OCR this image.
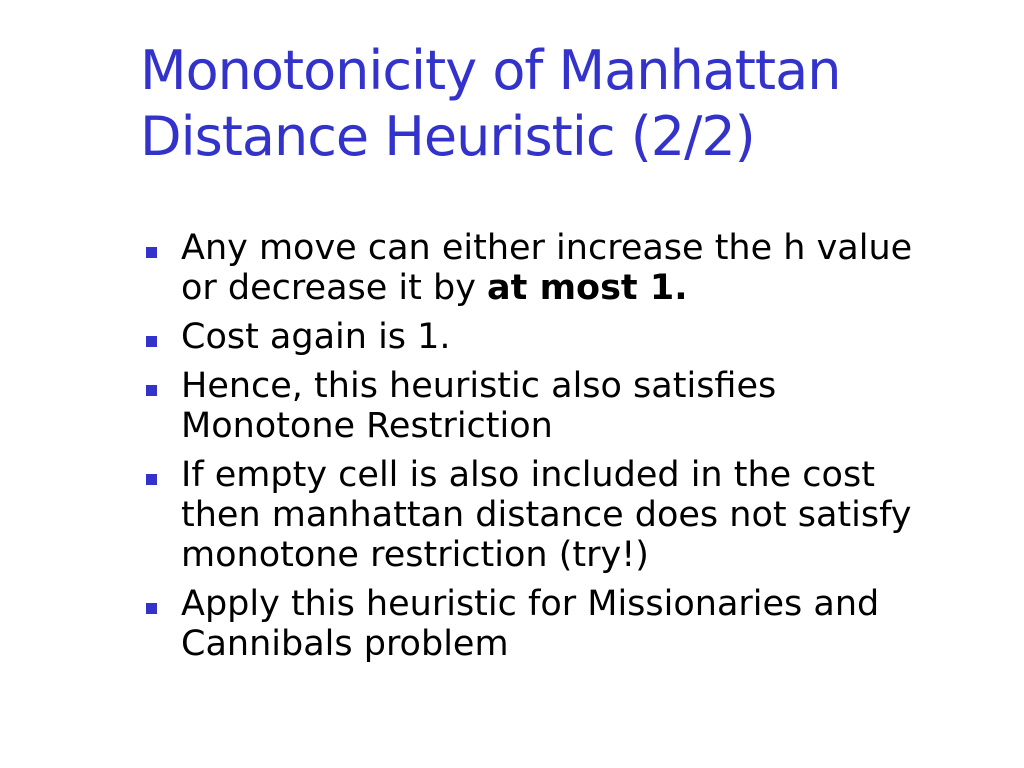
Monotonicity of Manhattan
Distance Heuristic (2/2)
Any move can either increase the h value
or decrease it by at most 1.
Cost again is 1.
Hence, this heuristic also satisfies
Monotone Restriction
If empty cell is also included in the cost
then manhattan distance does not satisfy
monotone restriction (try!)
Apply this heuristic for Missionaries and
Cannibals problem
